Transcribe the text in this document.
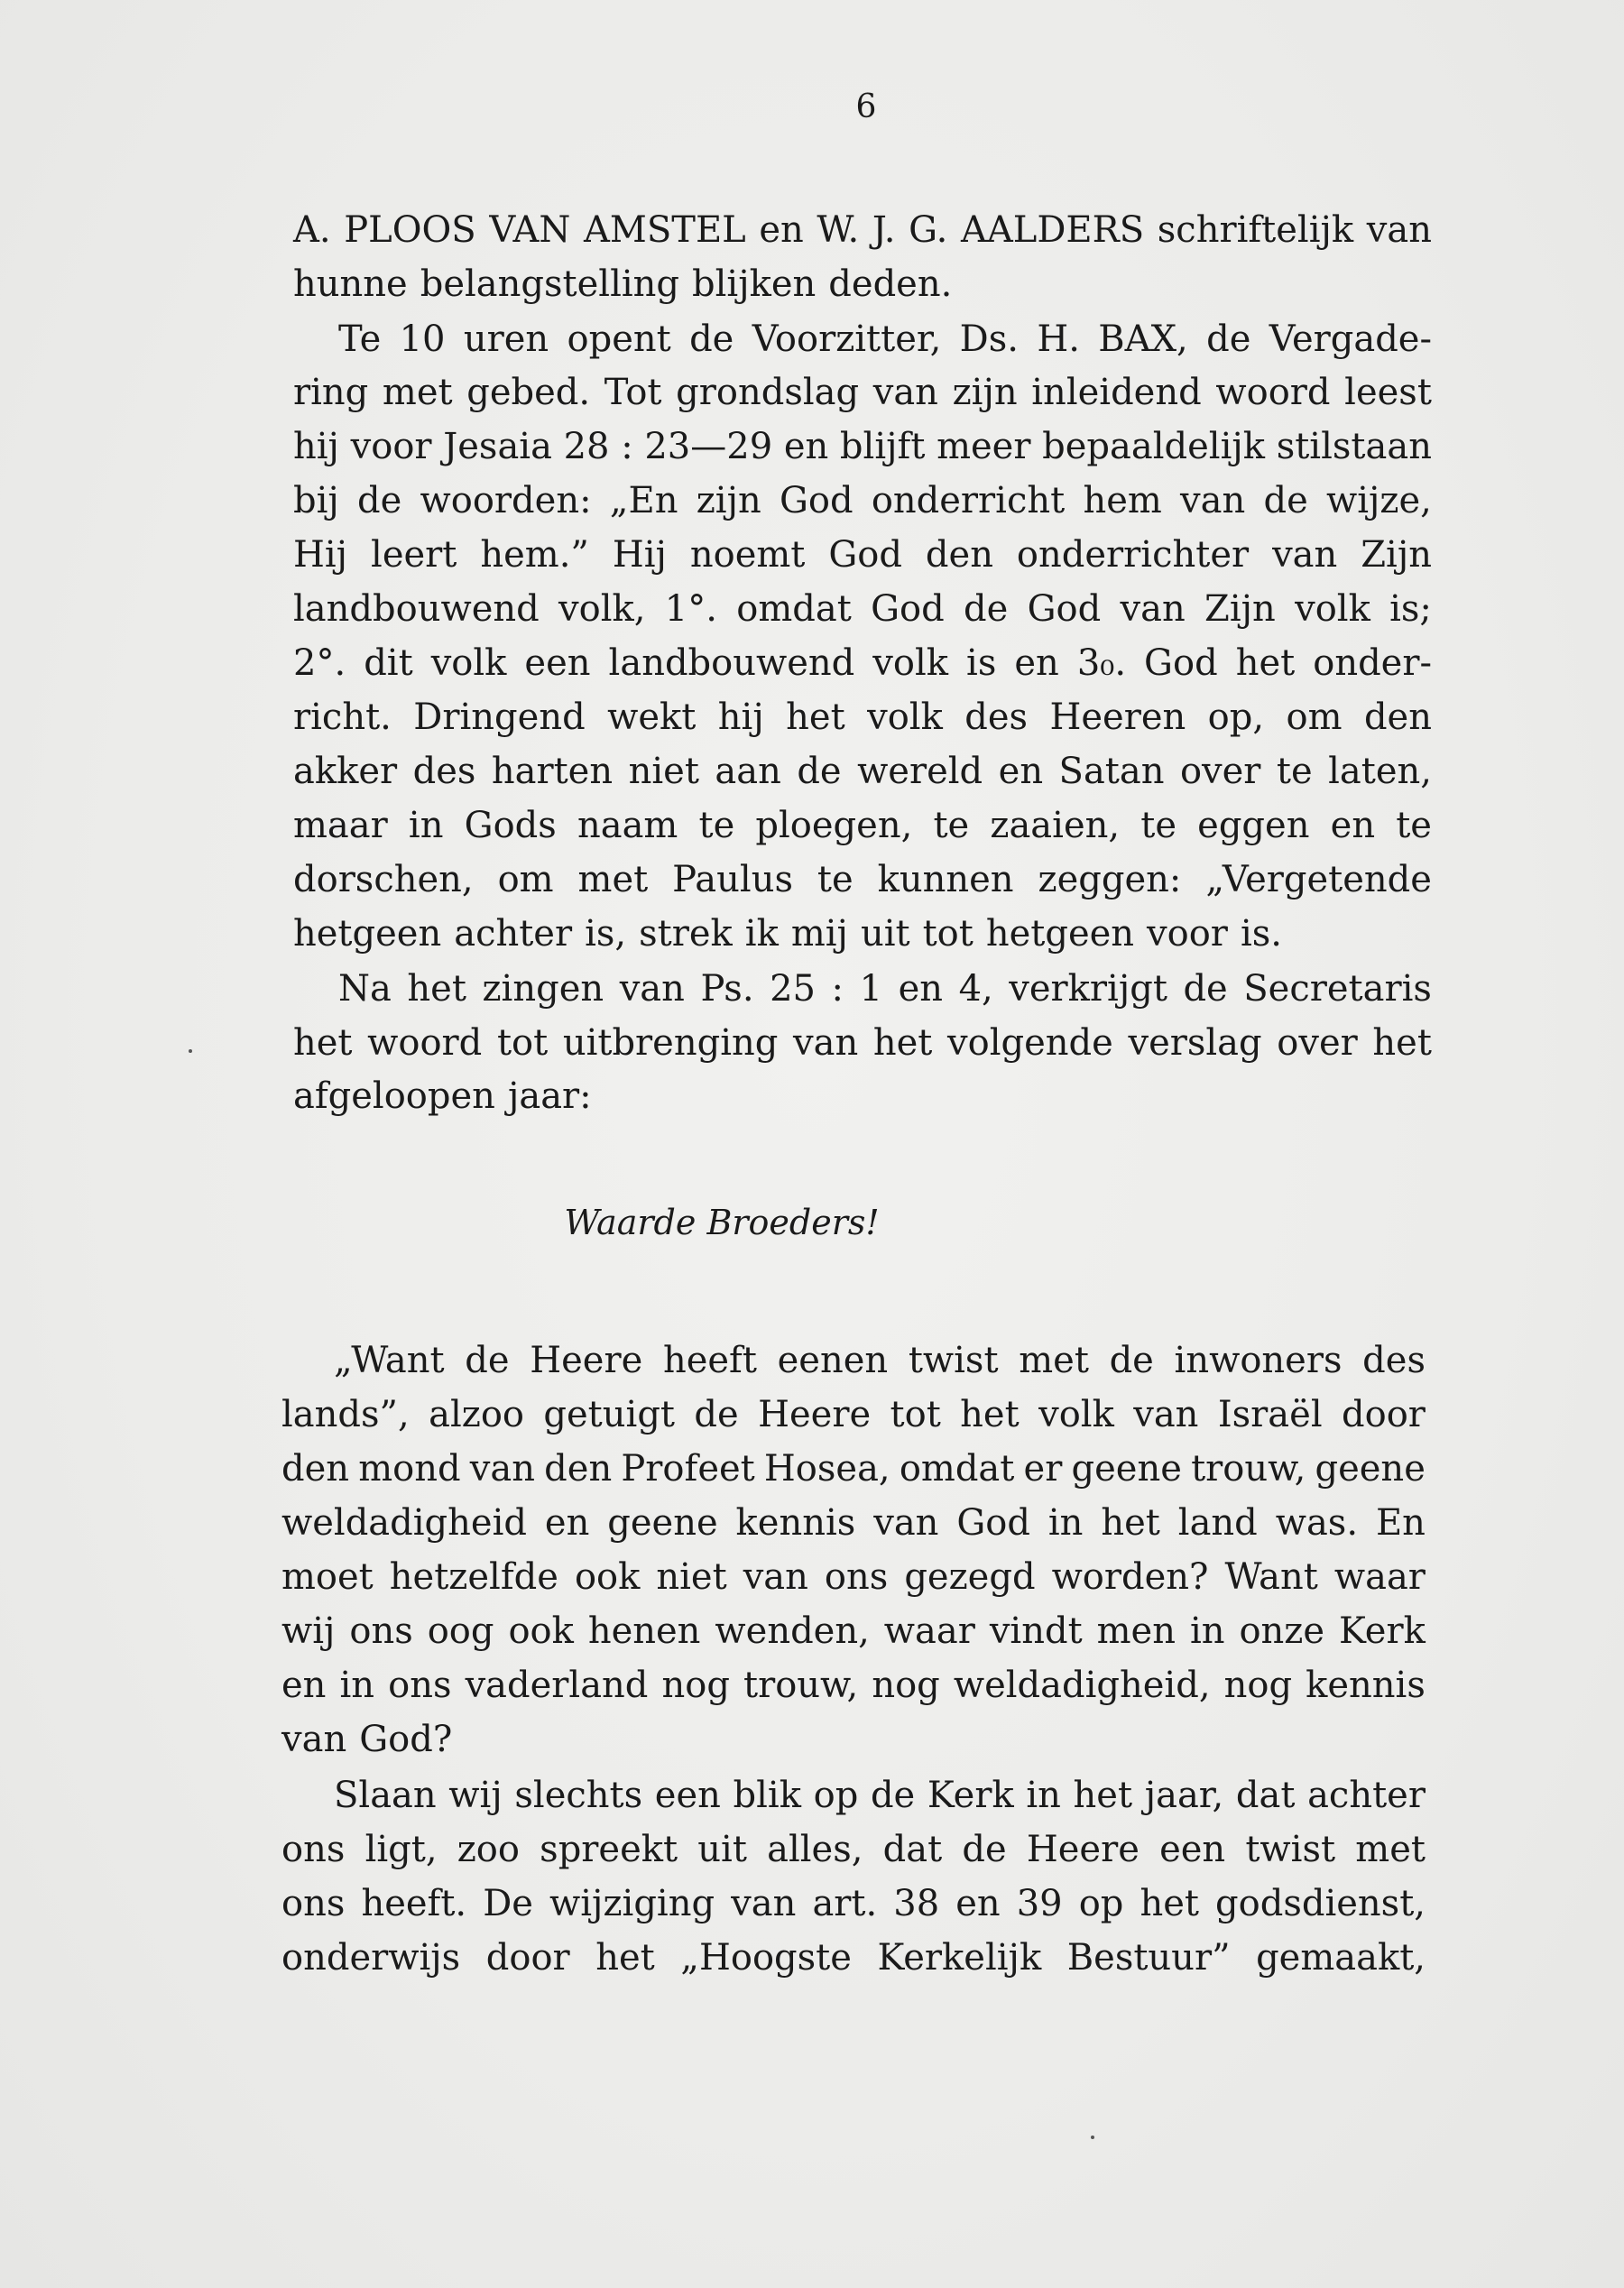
6
Waarde Broeders!
A. PLOOS VAN AMSTEL en W. J. G. AALDERS schriftelijk van
hunne belangstelling blijken deden.
Te 10 uren opent de Voorzitter, Ds. H. BAX, de Vergade-
ring met gebed. Tot grondslag van zijn inleidend woord leest
hij voor Jesaia 28 : 23—29 en blijft meer bepaaldelijk stilstaan
bij de woorden: „En zijn God onderricht hem van de wijze,
Hij leert hem.” Hij noemt God den onderrichter van Zijn
landbouwend volk, 1°. omdat God de God van Zijn volk is;
2°. dit volk een landbouwend volk is en 3₀. God het onder-
richt. Dringend wekt hij het volk des Heeren op, om den
akker des harten niet aan de wereld en Satan over te laten,
maar in Gods naam te ploegen, te zaaien, te eggen en te
dorschen, om met Paulus te kunnen zeggen: „Vergetende
hetgeen achter is, strek ik mij uit tot hetgeen voor is.
Na het zingen van Ps. 25 : 1 en 4, verkrijgt de Secretaris
het woord tot uitbrenging van het volgende verslag over het
afgeloopen jaar:
„Want de Heere heeft eenen twist met de inwoners des
lands”, alzoo getuigt de Heere tot het volk van Israël door
den mond van den Profeet Hosea, omdat er geene trouw, geene
weldadigheid en geene kennis van God in het land was. En
moet hetzelfde ook niet van ons gezegd worden? Want waar
wij ons oog ook henen wenden, waar vindt men in onze Kerk
en in ons vaderland nog trouw, nog weldadigheid, nog kennis
van God?
Slaan wij slechts een blik op de Kerk in het jaar, dat achter
ons ligt, zoo spreekt uit alles, dat de Heere een twist met
ons heeft. De wijziging van art. 38 en 39 op het godsdienst,
onderwijs door het „Hoogste Kerkelijk Bestuur” gemaakt,
